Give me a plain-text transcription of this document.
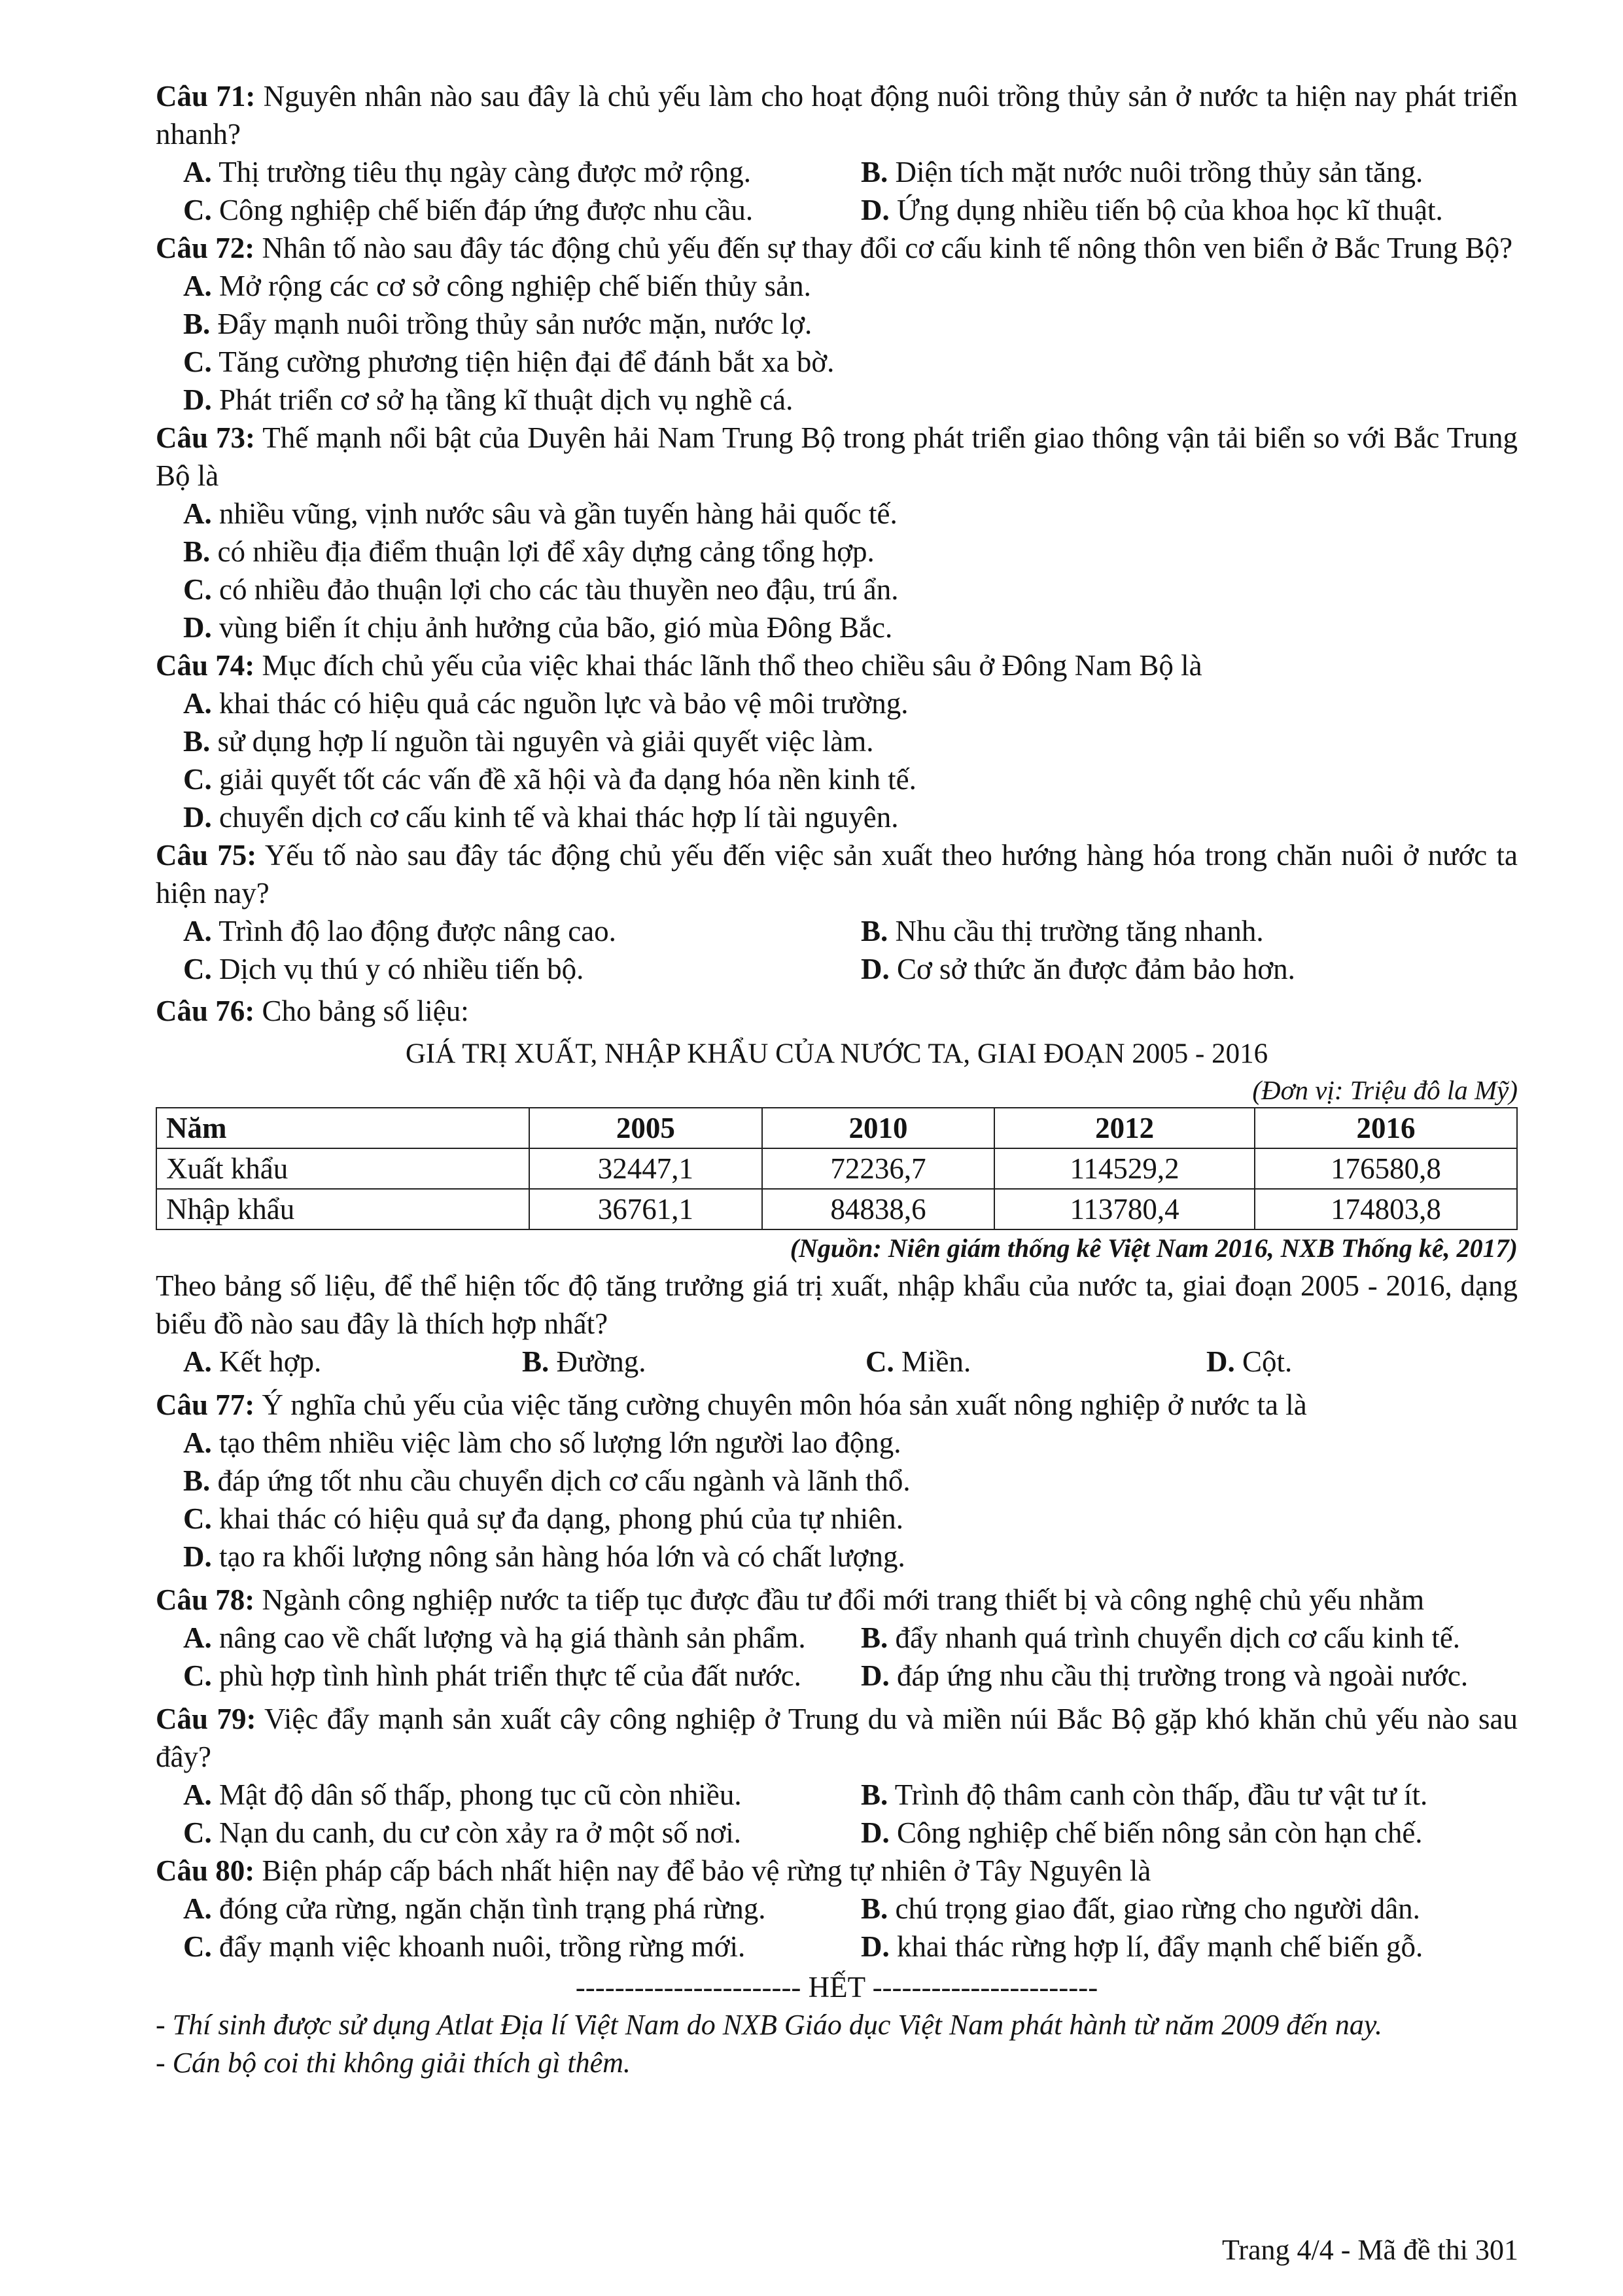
Câu 71: Nguyên nhân nào sau đây là chủ yếu làm cho hoạt động nuôi trồng thủy sản ở nước ta hiện nay phát triển nhanh?
A. Thị trường tiêu thụ ngày càng được mở rộng.	B. Diện tích mặt nước nuôi trồng thủy sản tăng.
C. Công nghiệp chế biến đáp ứng được nhu cầu.	D. Ứng dụng nhiều tiến bộ của khoa học kĩ thuật.
Câu 72: Nhân tố nào sau đây tác động chủ yếu đến sự thay đổi cơ cấu kinh tế nông thôn ven biển ở Bắc Trung Bộ?
A. Mở rộng các cơ sở công nghiệp chế biến thủy sản.
B. Đẩy mạnh nuôi trồng thủy sản nước mặn, nước lợ.
C. Tăng cường phương tiện hiện đại để đánh bắt xa bờ.
D. Phát triển cơ sở hạ tầng kĩ thuật dịch vụ nghề cá.
Câu 73: Thế mạnh nổi bật của Duyên hải Nam Trung Bộ trong phát triển giao thông vận tải biển so với Bắc Trung Bộ là
A. nhiều vũng, vịnh nước sâu và gần tuyến hàng hải quốc tế.
B. có nhiều địa điểm thuận lợi để xây dựng cảng tổng hợp.
C. có nhiều đảo thuận lợi cho các tàu thuyền neo đậu, trú ẩn.
D. vùng biển ít chịu ảnh hưởng của bão, gió mùa Đông Bắc.
Câu 74: Mục đích chủ yếu của việc khai thác lãnh thổ theo chiều sâu ở Đông Nam Bộ là
A. khai thác có hiệu quả các nguồn lực và bảo vệ môi trường.
B. sử dụng hợp lí nguồn tài nguyên và giải quyết việc làm.
C. giải quyết tốt các vấn đề xã hội và đa dạng hóa nền kinh tế.
D. chuyển dịch cơ cấu kinh tế và khai thác hợp lí tài nguyên.
Câu 75: Yếu tố nào sau đây tác động chủ yếu đến việc sản xuất theo hướng hàng hóa trong chăn nuôi ở nước ta hiện nay?
A. Trình độ lao động được nâng cao.	B. Nhu cầu thị trường tăng nhanh.
C. Dịch vụ thú y có nhiều tiến bộ.	D. Cơ sở thức ăn được đảm bảo hơn.
Câu 76: Cho bảng số liệu:
GIÁ TRỊ XUẤT, NHẬP KHẨU CỦA NƯỚC TA, GIAI ĐOẠN 2005 - 2016
(Đơn vị: Triệu đô la Mỹ)
Năm	2005	2010	2012	2016
Xuất khẩu	32447,1	72236,7	114529,2	176580,8
Nhập khẩu	36761,1	84838,6	113780,4	174803,8
(Nguồn: Niên giám thống kê Việt Nam 2016, NXB Thống kê, 2017)
Theo bảng số liệu, để thể hiện tốc độ tăng trưởng giá trị xuất, nhập khẩu của nước ta, giai đoạn 2005 - 2016, dạng biểu đồ nào sau đây là thích hợp nhất?
A. Kết hợp.	B. Đường.	C. Miền.	D. Cột.
Câu 77: Ý nghĩa chủ yếu của việc tăng cường chuyên môn hóa sản xuất nông nghiệp ở nước ta là
A. tạo thêm nhiều việc làm cho số lượng lớn người lao động.
B. đáp ứng tốt nhu cầu chuyển dịch cơ cấu ngành và lãnh thổ.
C. khai thác có hiệu quả sự đa dạng, phong phú của tự nhiên.
D. tạo ra khối lượng nông sản hàng hóa lớn và có chất lượng.
Câu 78: Ngành công nghiệp nước ta tiếp tục được đầu tư đổi mới trang thiết bị và công nghệ chủ yếu nhằm
A. nâng cao về chất lượng và hạ giá thành sản phẩm. B. đẩy nhanh quá trình chuyển dịch cơ cấu kinh tế.
C. phù hợp tình hình phát triển thực tế của đất nước. D. đáp ứng nhu cầu thị trường trong và ngoài nước.
Câu 79: Việc đẩy mạnh sản xuất cây công nghiệp ở Trung du và miền núi Bắc Bộ gặp khó khăn chủ yếu nào sau đây?
A. Mật độ dân số thấp, phong tục cũ còn nhiều.	B. Trình độ thâm canh còn thấp, đầu tư vật tư ít.
C. Nạn du canh, du cư còn xảy ra ở một số nơi.	D. Công nghiệp chế biến nông sản còn hạn chế.
Câu 80: Biện pháp cấp bách nhất hiện nay để bảo vệ rừng tự nhiên ở Tây Nguyên là
A. đóng cửa rừng, ngăn chặn tình trạng phá rừng.	B. chú trọng giao đất, giao rừng cho người dân.
C. đẩy mạnh việc khoanh nuôi, trồng rừng mới.	D. khai thác rừng hợp lí, đẩy mạnh chế biến gỗ.
----------------------- HẾT -----------------------
- Thí sinh được sử dụng Atlat Địa lí Việt Nam do NXB Giáo dục Việt Nam phát hành từ năm 2009 đến nay.
- Cán bộ coi thi không giải thích gì thêm.
Trang 4/4 - Mã đề thi 301
